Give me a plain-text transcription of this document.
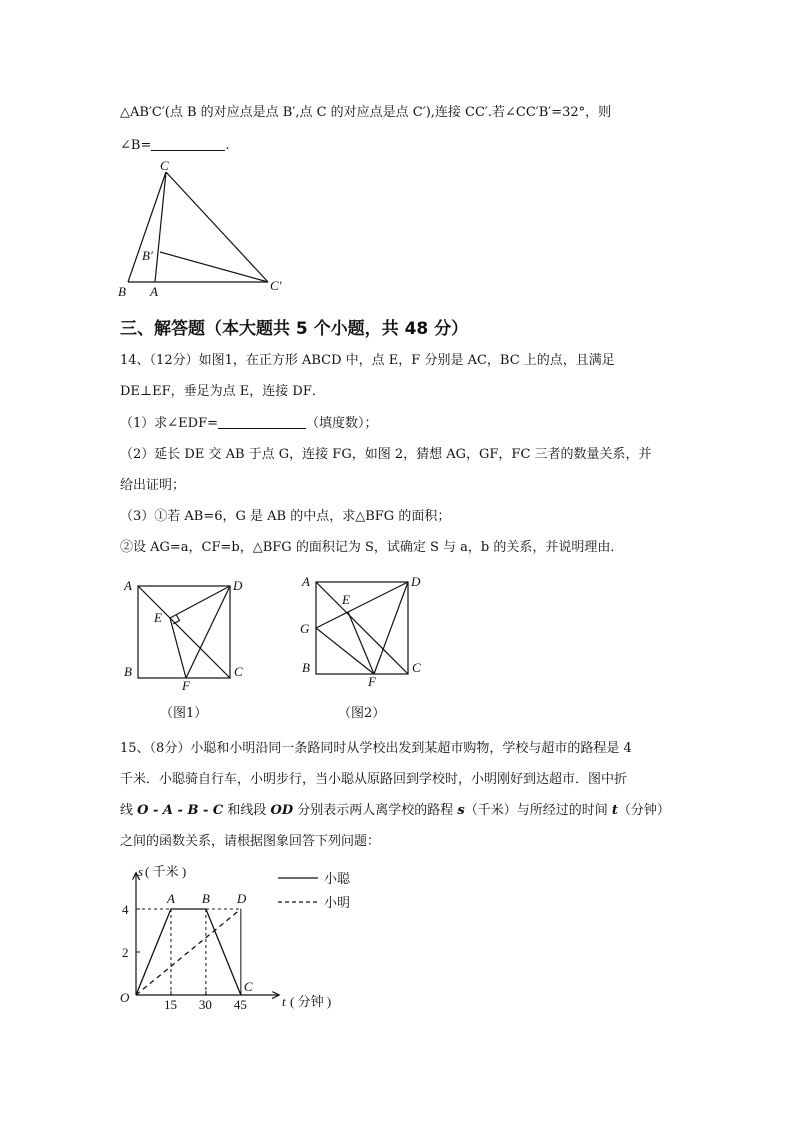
△AB′C′(点 B 的对应点是点 B′,点 C 的对应点是点 C′),连接 CC′.若∠CC′B′=32°，则
∠B=	.
C
B′
B A	C′
三、解答题（本大题共 5 个小题，共 48 分）
14、（12分）如图1，在正方形 ABCD 中，点 E，F 分别是 AC，BC 上的点，且满足
DE⊥EF，垂足为点 E，连接 DF．
（1）求∠EDF=	（填度数）；
（2）延长 DE 交 AB 于点 G，连接 FG，如图 2，猜想 AG，GF，FC 三者的数量关系，并
给出证明；
（3）①若 AB=6，G 是 AB 的中点，求△BFG 的面积；
②设 AG=a，CF=b，△BFG 的面积记为 S，试确定 S 与 a，b 的关系，并说明理由．
A	D
E
B
F
C
（图1）
A	D
E
G
B
F
C
（图2）
15、（8分）小聪和小明沿同一条路同时从学校出发到某超市购物，学校与超市的路程是 4
千米．小聪骑自行车，小明步行，当小聪从原路回到学校时，小明刚好到达超市．图中折
线 O - A - B - C 和线段 OD 分别表示两人离学校的路程 s（千米）与所经过的时间 t（分钟）
之间的函数关系，请根据图象回答下列问题：
15 30 45
2
4
A B D
C
s ( 千米 )
t ( 分钟 )
O
小聪
小明
